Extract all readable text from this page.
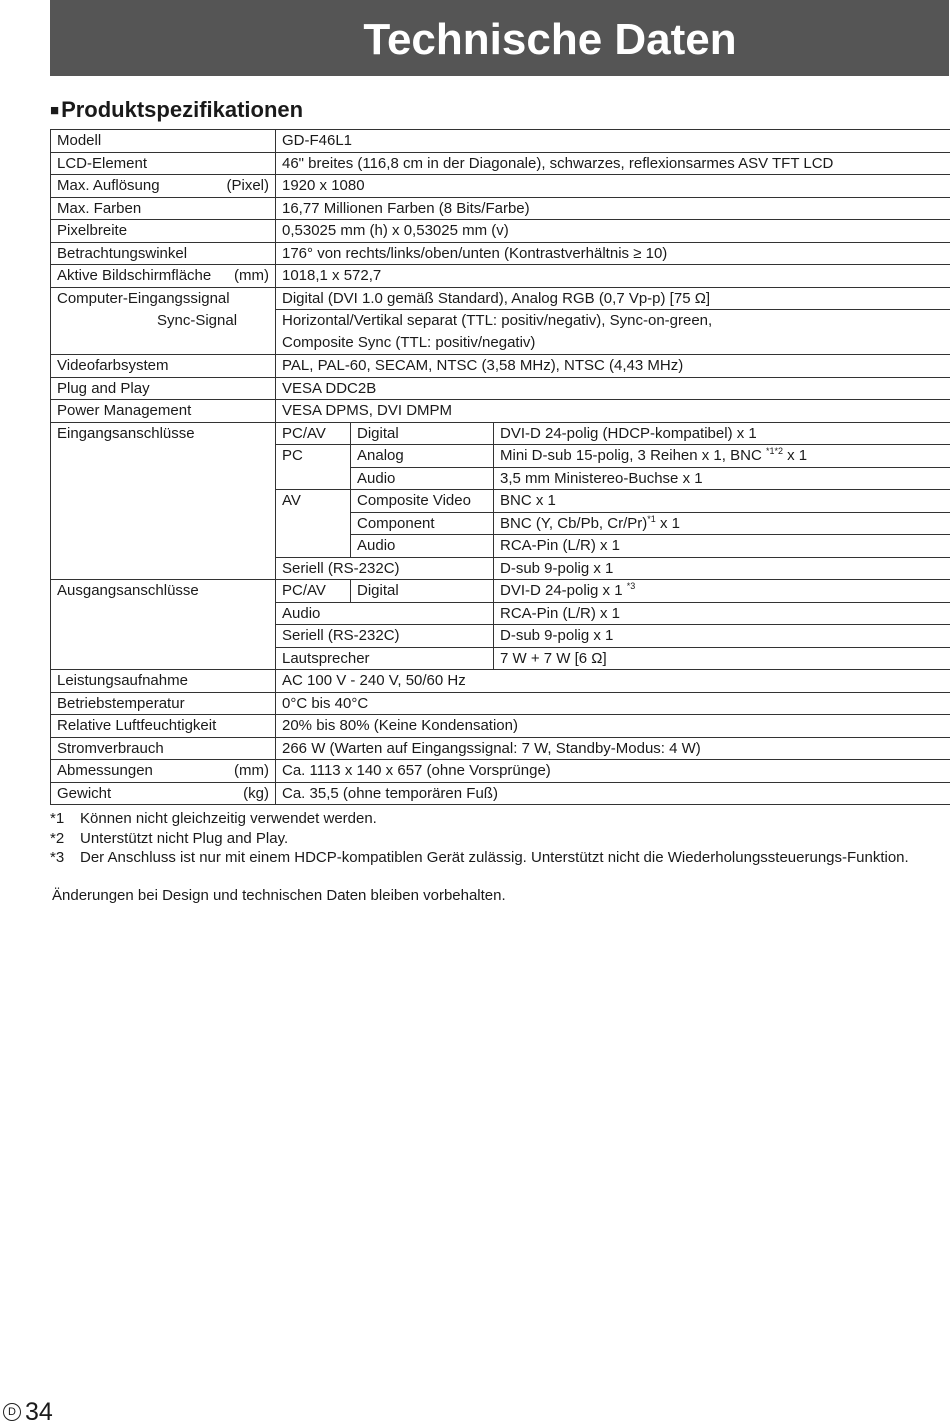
Technische Daten
■Produktspezifikationen
Modell	GD-F46L1		
LCD-Element	46" breites (116,8 cm in der Diagonale), schwarzes, reflexionsarmes ASV TFT LCD		

Max. Auflösung (Pixel)	1920 x 1080		
Max. Farben	16,77 Millionen Farben (8 Bits/Farbe)		
Pixelbreite	0,53025 mm (h) x 0,53025 mm (v)		
Betrachtungswinkel	176° von rechts/links/oben/unten (Kontrastverhältnis ≥ 10)		

Aktive Bildschirmfläche (mm)	1018,1 x 572,7		
Computer-Eingangssignal	Digital (DVI 1.0 gemäß Standard), Analog RGB (0,7 Vp-p) [75 Ω]		

Sync-Signal	Horizontal/Vertikal separat (TTL: positiv/negativ), Sync-on-green,
Composite Sync (TTL: positiv/negativ)		

Videofarbsystem	PAL, PAL-60, SECAM, NTSC (3,58 MHz), NTSC (4,43 MHz)		
Plug and Play	VESA DDC2B		
Power Management	VESA DPMS, DVI DMPM		
Eingangsanschlüsse	PC/AV	Digital	DVI-D 24-polig (HDCP-kompatibel) x 1
	PC	Analog	Mini D-sub 15-polig, 3 Reihen x 1, BNC $^{*1*2}$ x 1
		Audio	3,5 mm Ministereo-Buchse x 1
	AV	Composite Video	BNC x 1
		Component	BNC (Y, Cb/Pb, Cr/Pr)$^{*1}$ x 1
		Audio	RCA-Pin (L/R) x 1
	Seriell (RS-232C)		D-sub 9-polig x 1
Ausgangsanschlüsse	PC/AV	Digital	DVI-D 24-polig x 1 $^{*3}$
	Audio		RCA-Pin (L/R) x 1
	Seriell (RS-232C)		D-sub 9-polig x 1
	Lautsprecher		7 W + 7 W [6 Ω]
Leistungsaufnahme	AC 100 V - 240 V, 50/60 Hz		
Betriebstemperatur	0°C bis 40°C		
Relative Luftfeuchtigkeit	20% bis 80% (Keine Kondensation)		
Stromverbrauch	266 W (Warten auf Eingangssignal: 7 W, Standby-Modus: 4 W)		

Abmessungen (mm)	Ca. 1113 x 140 x 657 (ohne Vorsprünge)		

Gewicht (kg)	Ca. 35,5 (ohne temporären Fuß)		
*1	Können nicht gleichzeitig verwendet werden.
*2	Unterstützt nicht Plug and Play.
*3	Der Anschluss ist nur mit einem HDCP-kompatiblen Gerät zulässig. Unterstützt nicht die Wiederholungssteuerungs-Funktion.
Änderungen bei Design und technischen Daten bleiben vorbehalten.
D 34
